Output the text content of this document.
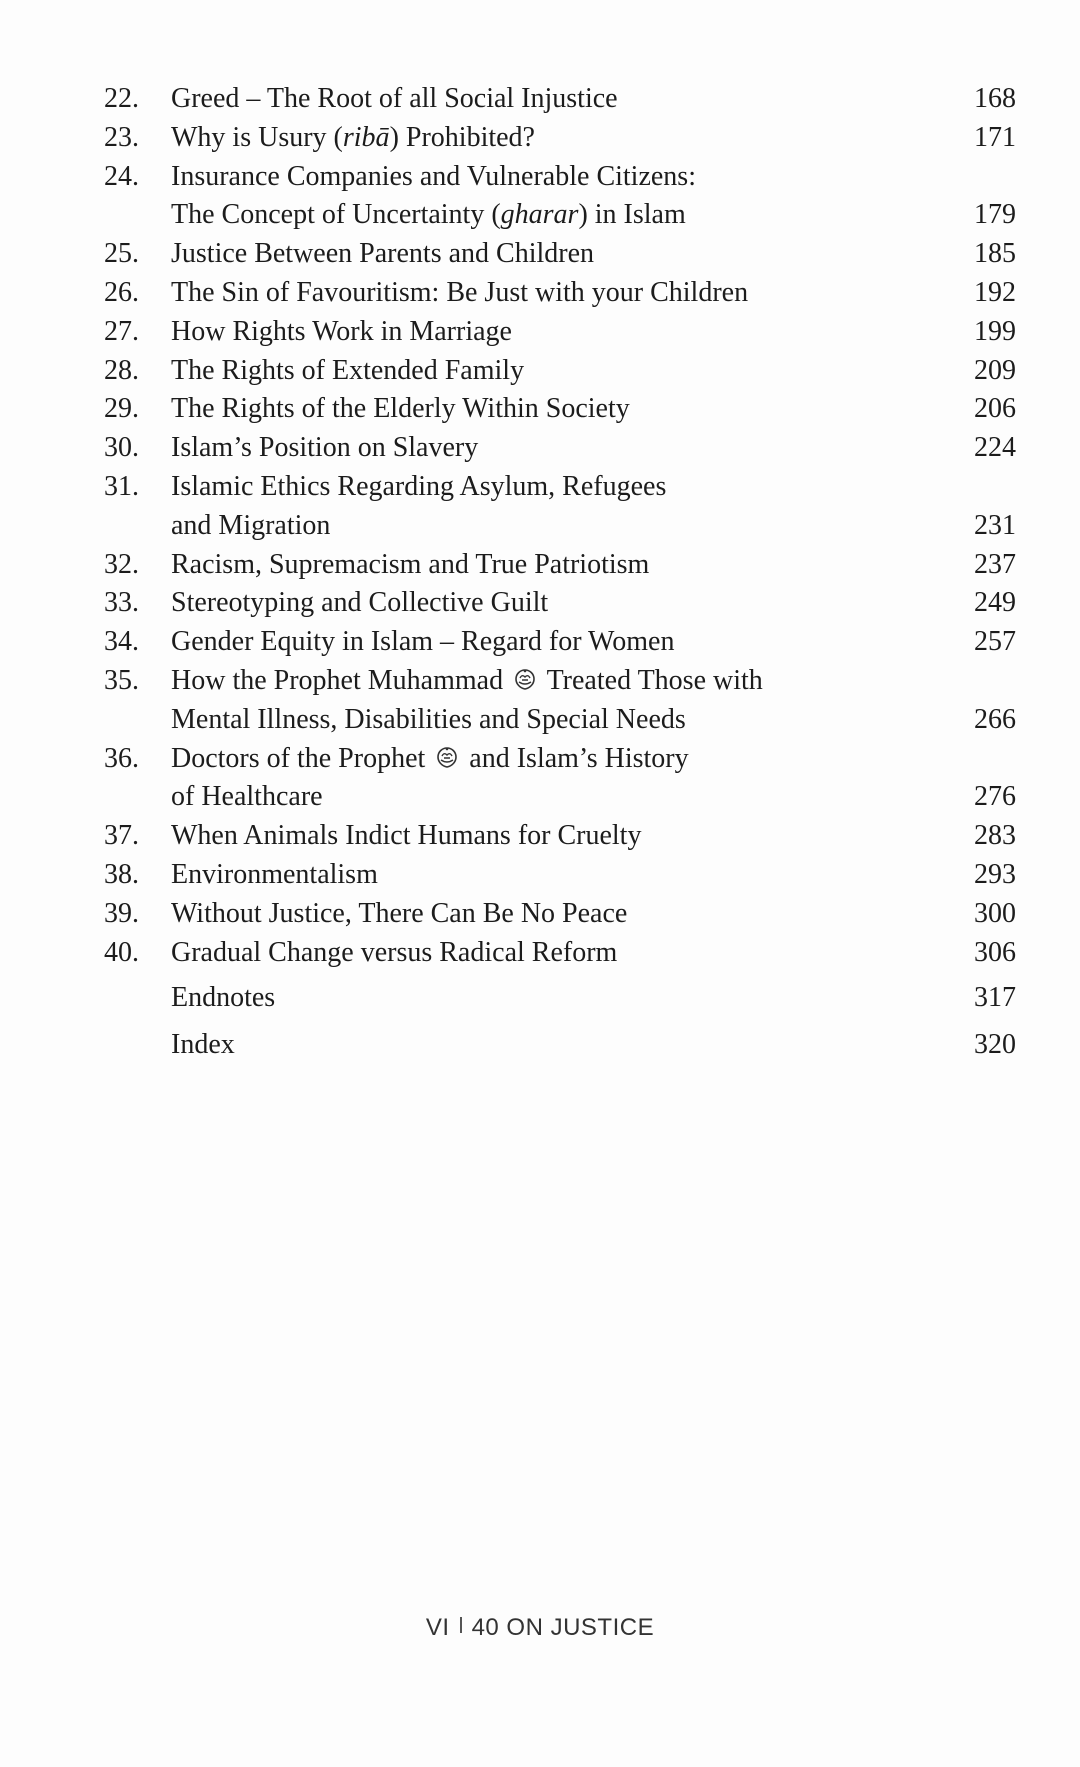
22. Greed – The Root of all Social Injustice	168
23. Why is Usury (ribā) Prohibited?	171
24. Insurance Companies and Vulnerable Citizens:
The Concept of Uncertainty (gharar) in Islam	179
25. Justice Between Parents and Children	185
26. The Sin of Favouritism: Be Just with your Children	192
27. How Rights Work in Marriage	199
28. The Rights of Extended Family	209
29. The Rights of the Elderly Within Society	206
30. Islam’s Position on Slavery	224
31. Islamic Ethics Regarding Asylum, Refugees
and Migration	231
32. Racism, Supremacism and True Patriotism	237
33. Stereotyping and Collective Guilt	249
34. Gender Equity in Islam – Regard for Women	257
35. How the Prophet Muhammad Treated Those with
Mental Illness, Disabilities and Special Needs	266
36. Doctors of the Prophet and Islam’s History
of Healthcare	276
37. When Animals Indict Humans for Cruelty	283
38. Environmentalism	293
39. Without Justice, There Can Be No Peace	300
40. Gradual Change versus Radical Reform	306
Endnotes	317
Index	320
VI 40 ON JUSTICE
